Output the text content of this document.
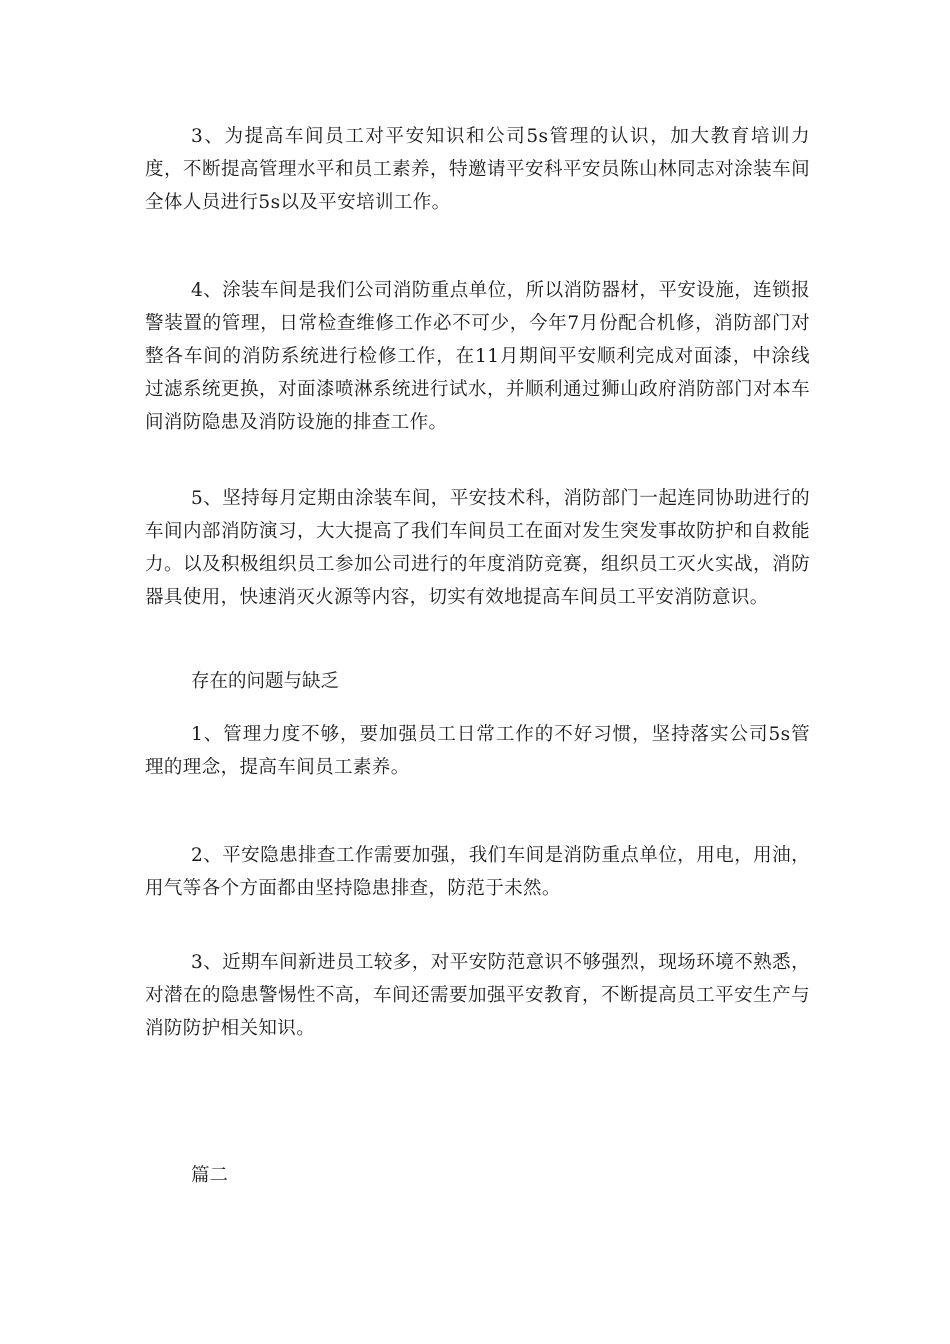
3、为提高车间员工对平安知识和公司5s管理的认识，加大教育培训力度，不断提高管理水平和员工素养，特邀请平安科平安员陈山林同志对涂装车间全体人员进行5s以及平安培训工作。

4、涂装车间是我们公司消防重点单位，所以消防器材，平安设施，连锁报警装置的管理，日常检查维修工作必不可少，今年7月份配合机修，消防部门对整各车间的消防系统进行检修工作，在11月期间平安顺利完成对面漆，中涂线过滤系统更换，对面漆喷淋系统进行试水，并顺利通过狮山政府消防部门对本车间消防隐患及消防设施的排查工作。

5、坚持每月定期由涂装车间，平安技术科，消防部门一起连同协助进行的车间内部消防演习，大大提高了我们车间员工在面对发生突发事故防护和自救能力。以及积极组织员工参加公司进行的年度消防竞赛，组织员工灭火实战，消防器具使用，快速消灭火源等内容，切实有效地提高车间员工平安消防意识。

存在的问题与缺乏

1、管理力度不够，要加强员工日常工作的不好习惯，坚持落实公司5s管理的理念，提高车间员工素养。

2、平安隐患排查工作需要加强，我们车间是消防重点单位，用电，用油，用气等各个方面都由坚持隐患排查，防范于未然。

3、近期车间新进员工较多，对平安防范意识不够强烈，现场环境不熟悉，对潜在的隐患警惕性不高，车间还需要加强平安教育，不断提高员工平安生产与消防防护相关知识。

篇二
